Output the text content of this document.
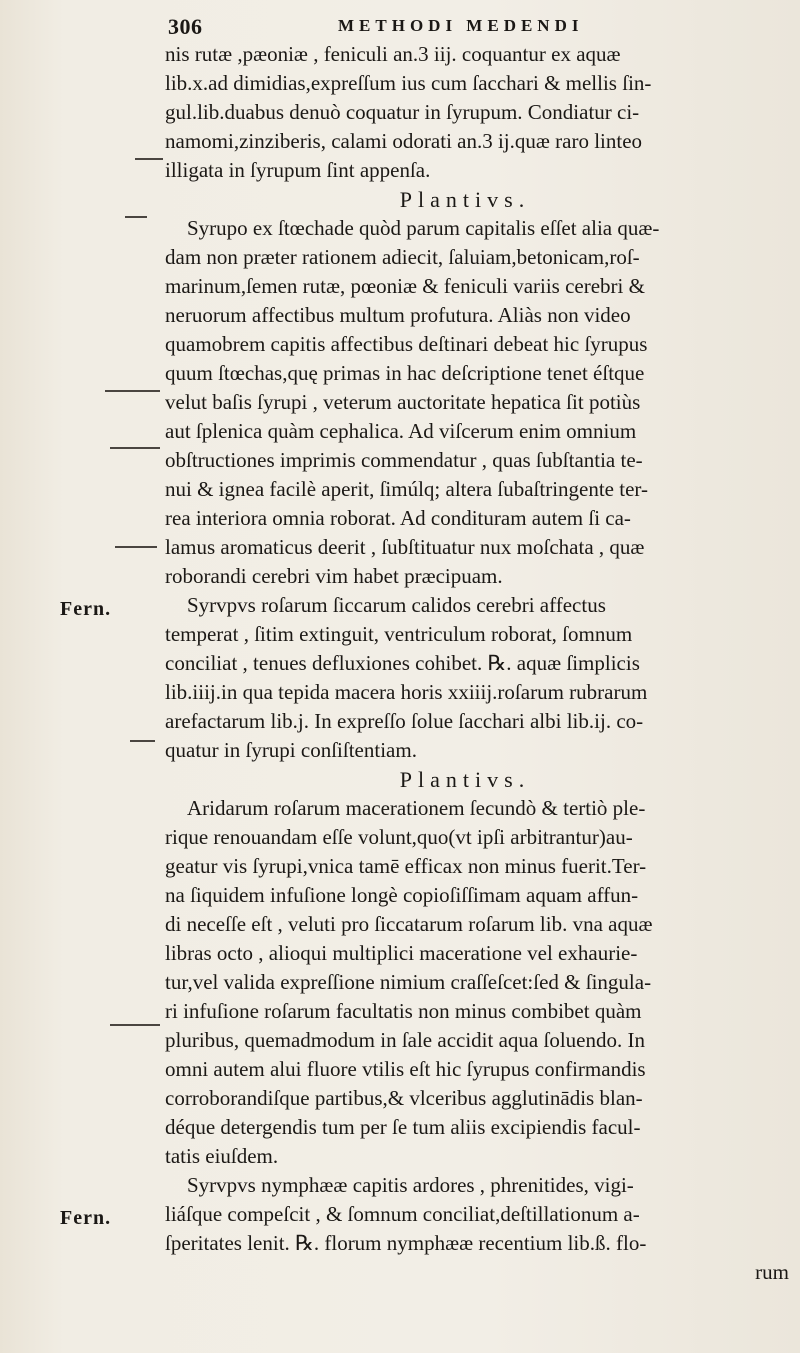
306	METHODI MEDENDI
Fern.
Fern.
nis rutæ ,pæoniæ , feniculi an.3 iij. coquantur ex aquæ
lib.x.ad dimidias,expreſſum ius cum ſacchari & mellis ſin-
gul.lib.duabus denuò coquatur in ſyrupum. Condiatur ci-
namomi,zinziberis, calami odorati an.3 ij.quæ raro linteo
illigata in ſyrupum ſint appenſa.
Plantivs.
Syrupo ex ſtœchade quòd parum capitalis eſſet alia quæ-
dam non præter rationem adiecit, ſaluiam,betonicam,roſ-
marinum,ſemen rutæ, pœoniæ & feniculi variis cerebri &
neruorum affectibus multum profutura. Aliàs non video
quamobrem capitis affectibus deſtinari debeat hic ſyrupus
quum ſtœchas,quę primas in hac deſcriptione tenet éſtque
velut baſis ſyrupi , veterum auctoritate hepatica ſit potiùs
aut ſplenica quàm cephalica. Ad viſcerum enim omnium
obſtructiones imprimis commendatur , quas ſubſtantia te-
nui & ignea facilè aperit, ſimúlq; altera ſubaſtringente ter-
rea interiora omnia roborat. Ad condituram autem ſi ca-
lamus aromaticus deerit , ſubſtituatur nux moſchata , quæ
roborandi cerebri vim habet præcipuam.
Syrvpvs roſarum ſiccarum calidos cerebri affectus
temperat , ſitim extinguit, ventriculum roborat, ſomnum
conciliat , tenues defluxiones cohibet. ℞. aquæ ſimplicis
lib.iiij.in qua tepida macera horis xxiiij.roſarum rubrarum
arefactarum lib.j. In expreſſo ſolue ſacchari albi lib.ij. co-
quatur in ſyrupi conſiſtentiam.
Plantivs.
Aridarum roſarum macerationem ſecundò & tertiò ple-
rique renouandam eſſe volunt,quo(vt ipſi arbitrantur)au-
geatur vis ſyrupi,vnica tamē efficax non minus fuerit.Ter-
na ſiquidem infuſione longè copioſiſſimam aquam affun-
di neceſſe eſt , veluti pro ſiccatarum roſarum lib. vna aquæ
libras octo , alioqui multiplici maceratione vel exhaurie-
tur,vel valida expreſſione nimium craſſeſcet:ſed & ſingula-
ri infuſione roſarum facultatis non minus combibet quàm
pluribus, quemadmodum in ſale accidit aqua ſoluendo. In
omni autem alui fluore vtilis eſt hic ſyrupus confirmandis
corroborandiſque partibus,& vlceribus agglutinādis blan-
déque detergendis tum per ſe tum aliis excipiendis facul-
tatis eiuſdem.
Syrvpvs nymphææ capitis ardores , phrenitides, vigi-
liáſque compeſcit , & ſomnum conciliat,deſtillationum a-
ſperitates lenit. ℞. florum nymphææ recentium lib.ß. flo-
rum
